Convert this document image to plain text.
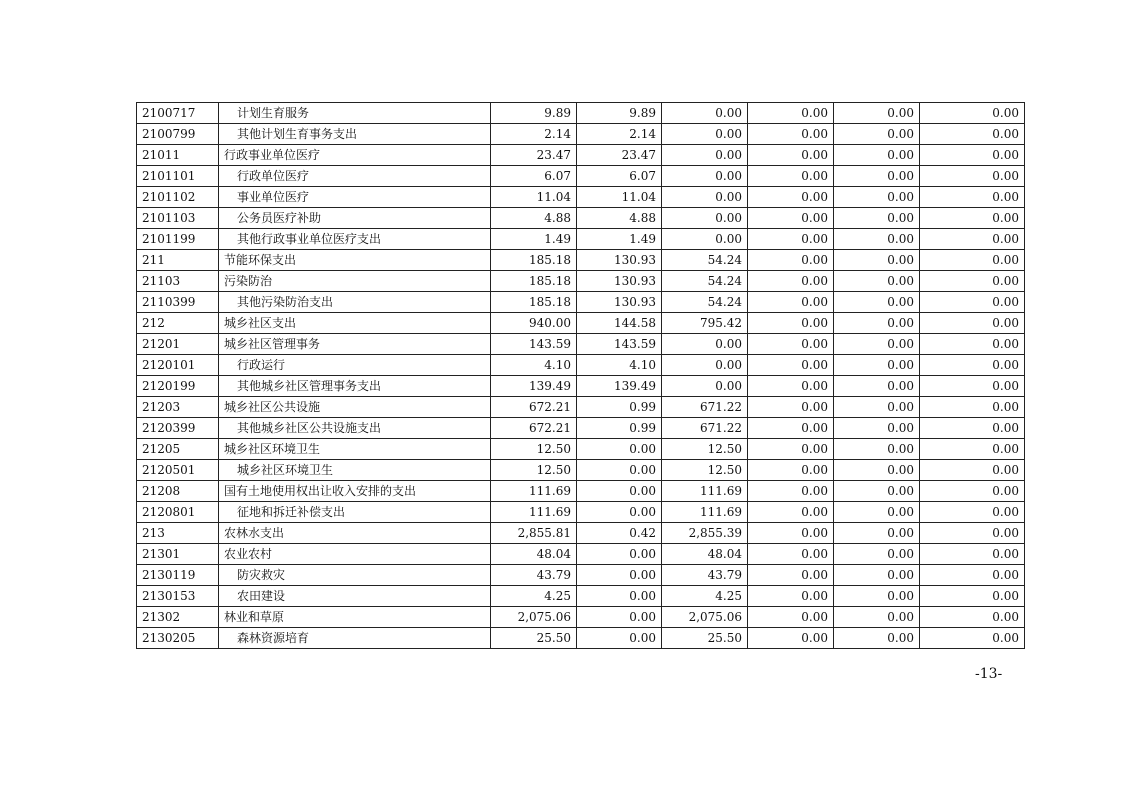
2100717	计划生育服务	9.89	9.89	0.00	0.00	0.00	0.00
2100799	其他计划生育事务支出	2.14	2.14	0.00	0.00	0.00	0.00
21011	行政事业单位医疗	23.47	23.47	0.00	0.00	0.00	0.00
2101101	行政单位医疗	6.07	6.07	0.00	0.00	0.00	0.00
2101102	事业单位医疗	11.04	11.04	0.00	0.00	0.00	0.00
2101103	公务员医疗补助	4.88	4.88	0.00	0.00	0.00	0.00
2101199	其他行政事业单位医疗支出	1.49	1.49	0.00	0.00	0.00	0.00
211	节能环保支出	185.18	130.93	54.24	0.00	0.00	0.00
21103	污染防治	185.18	130.93	54.24	0.00	0.00	0.00
2110399	其他污染防治支出	185.18	130.93	54.24	0.00	0.00	0.00
212	城乡社区支出	940.00	144.58	795.42	0.00	0.00	0.00
21201	城乡社区管理事务	143.59	143.59	0.00	0.00	0.00	0.00
2120101	行政运行	4.10	4.10	0.00	0.00	0.00	0.00
2120199	其他城乡社区管理事务支出	139.49	139.49	0.00	0.00	0.00	0.00
21203	城乡社区公共设施	672.21	0.99	671.22	0.00	0.00	0.00
2120399	其他城乡社区公共设施支出	672.21	0.99	671.22	0.00	0.00	0.00
21205	城乡社区环境卫生	12.50	0.00	12.50	0.00	0.00	0.00
2120501	城乡社区环境卫生	12.50	0.00	12.50	0.00	0.00	0.00
21208	国有土地使用权出让收入安排的支出	111.69	0.00	111.69	0.00	0.00	0.00
2120801	征地和拆迁补偿支出	111.69	0.00	111.69	0.00	0.00	0.00
213	农林水支出	2,855.81	0.42	2,855.39	0.00	0.00	0.00
21301	农业农村	48.04	0.00	48.04	0.00	0.00	0.00
2130119	防灾救灾	43.79	0.00	43.79	0.00	0.00	0.00
2130153	农田建设	4.25	0.00	4.25	0.00	0.00	0.00
21302	林业和草原	2,075.06	0.00	2,075.06	0.00	0.00	0.00
2130205	森林资源培育	25.50	0.00	25.50	0.00	0.00	0.00
-13-
